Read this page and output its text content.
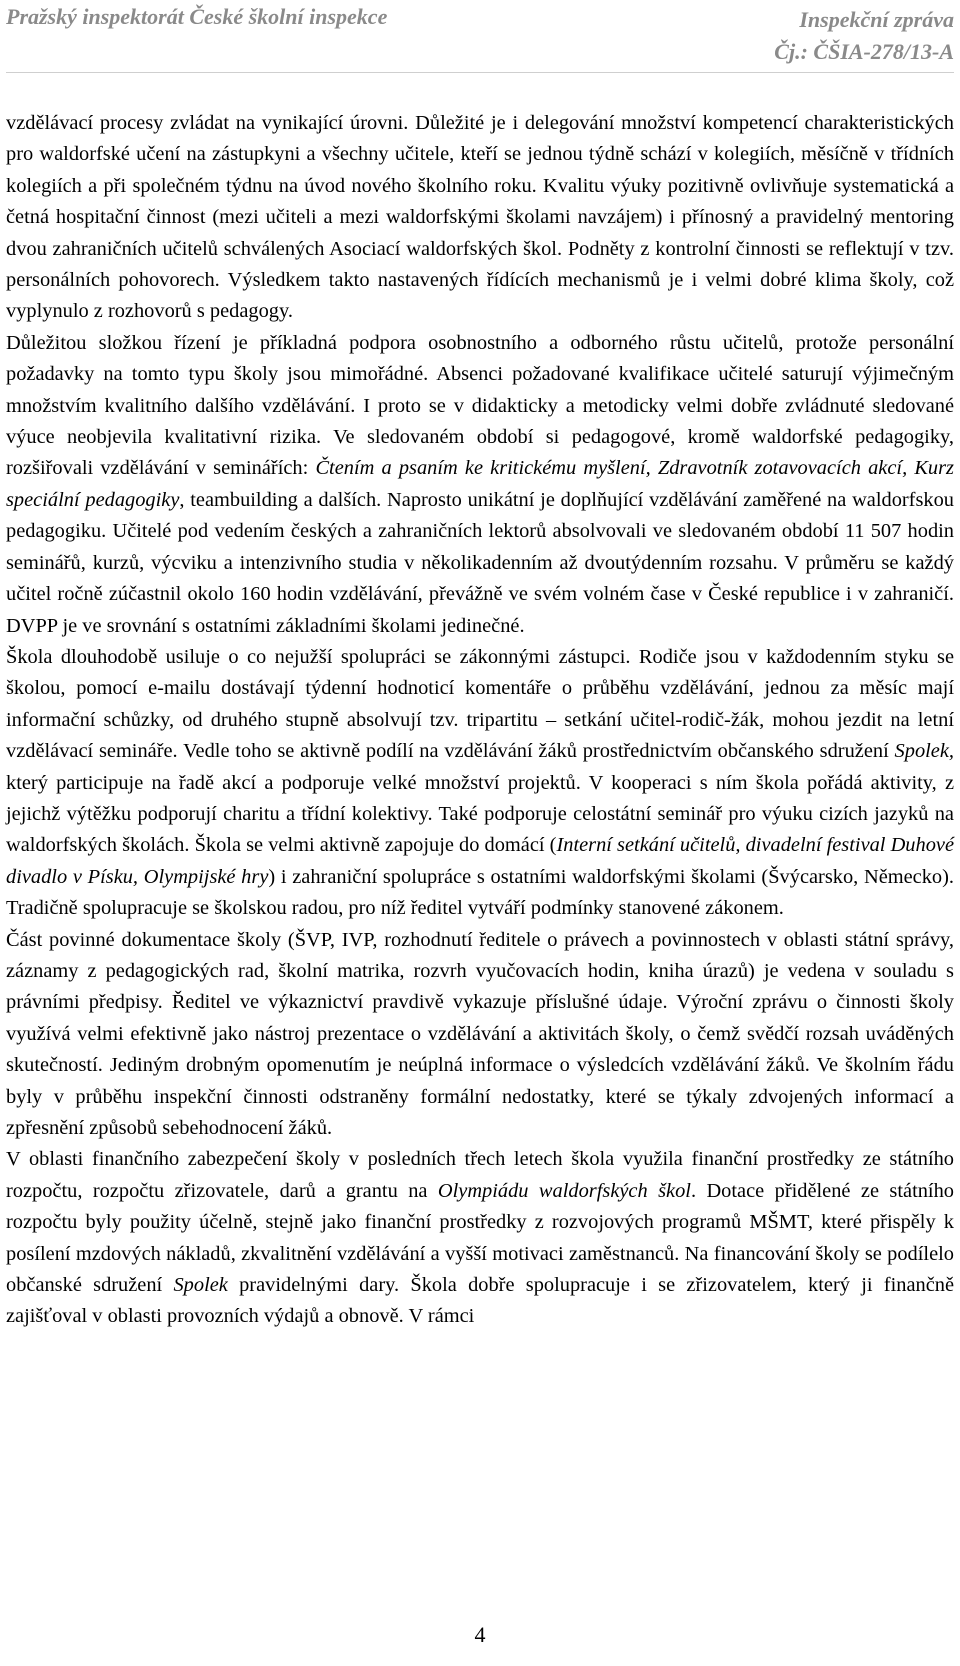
Pražský inspektorát České školní inspekce	Inspekční zpráva
Čj.: ČŠIA-278/13-A

vzdělávací procesy zvládat na vynikající úrovni. Důležité je i delegování množství kompetencí charakteristických pro waldorfské učení na zástupkyni a všechny učitele, kteří se jednou týdně schází v kolegiích, měsíčně v třídních kolegiích a při společném týdnu na úvod nového školního roku. Kvalitu výuky pozitivně ovlivňuje systematická a četná hospitační činnost (mezi učiteli a mezi waldorfskými školami navzájem) i přínosný a pravidelný mentoring dvou zahraničních učitelů schválených Asociací waldorfských škol. Podněty z kontrolní činnosti se reflektují v tzv. personálních pohovorech. Výsledkem takto nastavených řídících mechanismů je i velmi dobré klima školy, což vyplynulo z rozhovorů s pedagogy.

Důležitou složkou řízení je příkladná podpora osobnostního a odborného růstu učitelů, protože personální požadavky na tomto typu školy jsou mimořádné. Absenci požadované kvalifikace učitelé saturují výjimečným množstvím kvalitního dalšího vzdělávání. I proto se v didakticky a metodicky velmi dobře zvládnuté sledované výuce neobjevila kvalitativní rizika. Ve sledovaném období si pedagogové, kromě waldorfské pedagogiky, rozšiřovali vzdělávání v seminářích: Čtením a psaním ke kritickému myšlení, Zdravotník zotavovacích akcí, Kurz speciální pedagogiky, teambuilding a dalších. Naprosto unikátní je doplňující vzdělávání zaměřené na waldorfskou pedagogiku. Učitelé pod vedením českých a zahraničních lektorů absolvovali ve sledovaném období 11 507 hodin seminářů, kurzů, výcviku a intenzivního studia v několikadenním až dvoutýdenním rozsahu. V průměru se každý učitel ročně zúčastnil okolo 160 hodin vzdělávání, převážně ve svém volném čase v České republice i v zahraničí. DVPP je ve srovnání s ostatními základními školami jedinečné.

Škola dlouhodobě usiluje o co nejužší spolupráci se zákonnými zástupci. Rodiče jsou v každodenním styku se školou, pomocí e-mailu dostávají týdenní hodnoticí komentáře o průběhu vzdělávání, jednou za měsíc mají informační schůzky, od druhého stupně absolvují tzv. tripartitu – setkání učitel-rodič-žák, mohou jezdit na letní vzdělávací semináře. Vedle toho se aktivně podílí na vzdělávání žáků prostřednictvím občanského sdružení Spolek, který participuje na řadě akcí a podporuje velké množství projektů. V kooperaci s ním škola pořádá aktivity, z jejichž výtěžku podporují charitu a třídní kolektivy. Také podporuje celostátní seminář pro výuku cizích jazyků na waldorfských školách. Škola se velmi aktivně zapojuje do domácí (Interní setkání učitelů, divadelní festival Duhové divadlo v Písku, Olympijské hry) i zahraniční spolupráce s ostatními waldorfskými školami (Švýcarsko, Německo). Tradičně spolupracuje se školskou radou, pro níž ředitel vytváří podmínky stanovené zákonem.

Část povinné dokumentace školy (ŠVP, IVP, rozhodnutí ředitele o právech a povinnostech v oblasti státní správy, záznamy z pedagogických rad, školní matrika, rozvrh vyučovacích hodin, kniha úrazů) je vedena v souladu s právními předpisy. Ředitel ve výkaznictví pravdivě vykazuje příslušné údaje. Výroční zprávu o činnosti školy využívá velmi efektivně jako nástroj prezentace o vzdělávání a aktivitách školy, o čemž svědčí rozsah uváděných skutečností. Jediným drobným opomenutím je neúplná informace o výsledcích vzdělávání žáků. Ve školním řádu byly v průběhu inspekční činnosti odstraněny formální nedostatky, které se týkaly zdvojených informací a zpřesnění způsobů sebehodnocení žáků.

V oblasti finančního zabezpečení školy v posledních třech letech škola využila finanční prostředky ze státního rozpočtu, rozpočtu zřizovatele, darů a grantu na Olympiádu waldorfských škol. Dotace přidělené ze státního rozpočtu byly použity účelně, stejně jako finanční prostředky z rozvojových programů MŠMT, které přispěly k posílení mzdových nákladů, zkvalitnění vzdělávání a vyšší motivaci zaměstnanců. Na financování školy se podílelo občanské sdružení Spolek pravidelnými dary. Škola dobře spolupracuje i se zřizovatelem, který ji finančně zajišťoval v oblasti provozních výdajů a obnově. V rámci

4
